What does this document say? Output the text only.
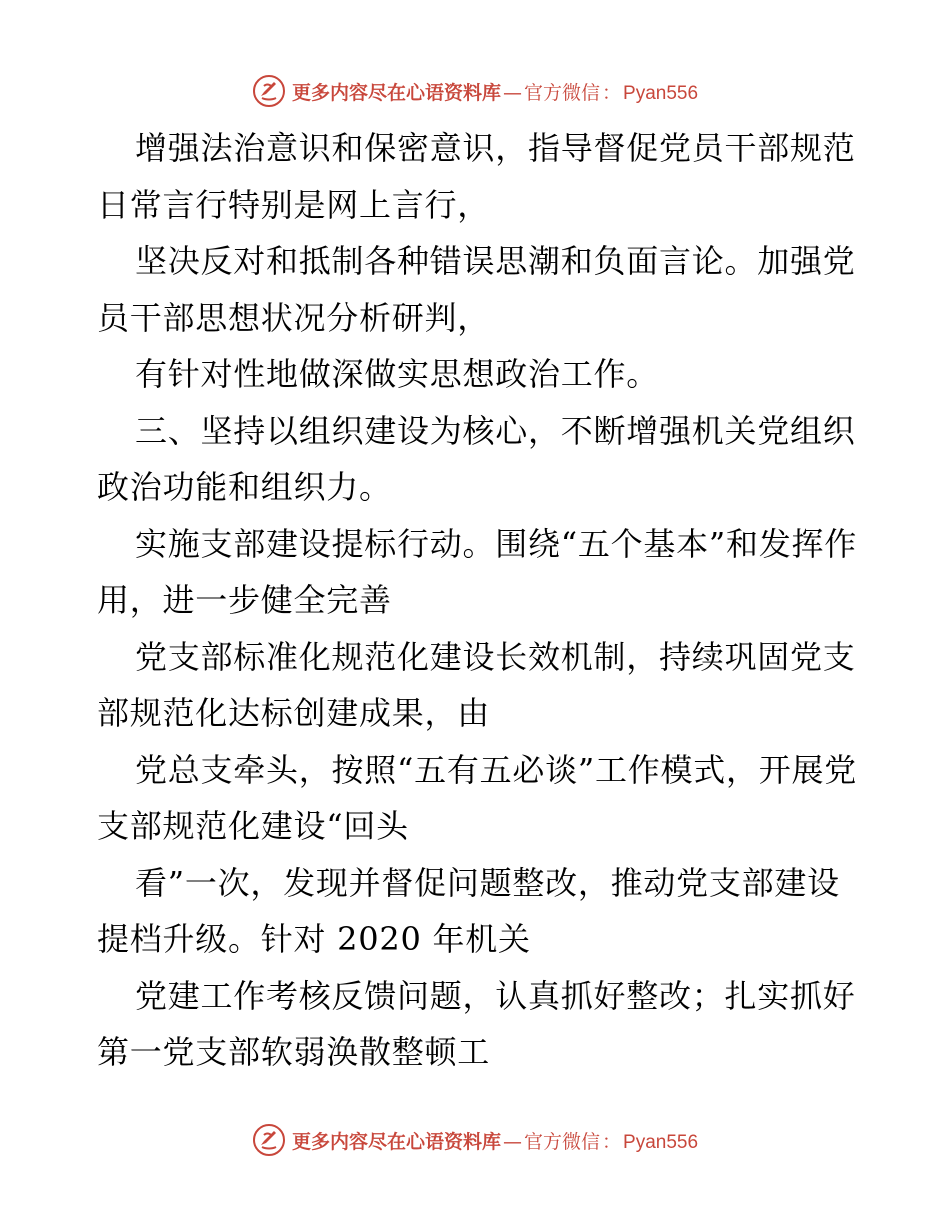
更多内容尽在心语资料库 — 官方微信 ： Pyan556

增强法治意识和保密意识，指导督促党员干部规范日常言行特别是网上言行，

坚决反对和抵制各种错误思潮和负面言论。加强党员干部思想状况分析研判，

有针对性地做深做实思想政治工作。

三、坚持以组织建设为核心，不断增强机关党组织政治功能和组织力。

实施支部建设提标行动。围绕“五个基本”和发挥作用，进一步健全完善

党支部标准化规范化建设长效机制，持续巩固党支部规范化达标创建成果，由

党总支牵头，按照“五有五必谈”工作模式，开展党支部规范化建设“回头

看”一次，发现并督促问题整改，推动党支部建设提档升级。针对 2020 年机关

党建工作考核反馈问题，认真抓好整改；扎实抓好第一党支部软弱涣散整顿工

更多内容尽在心语资料库 — 官方微信 ： Pyan556
